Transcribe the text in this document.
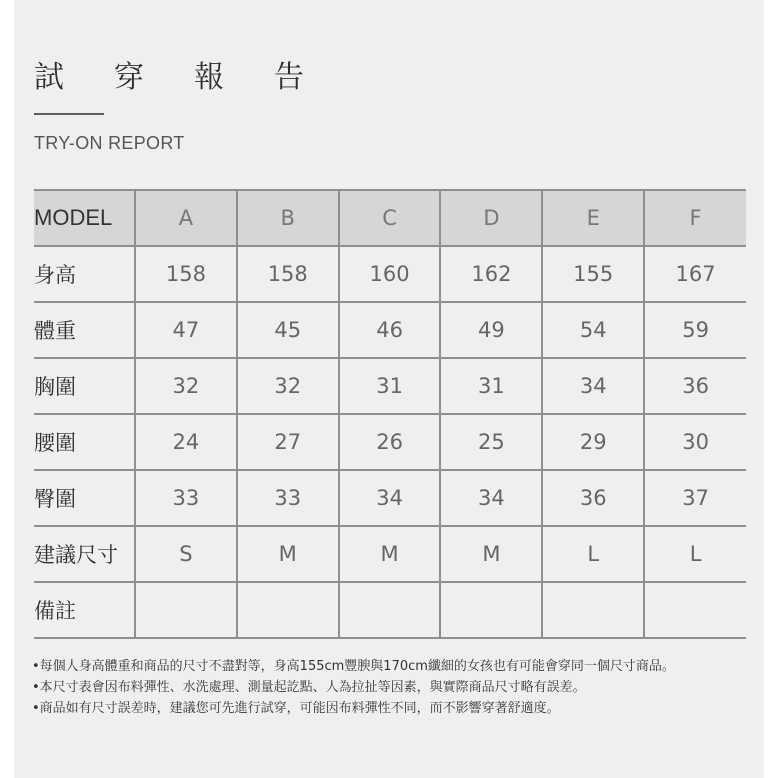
試 穿 報 告
TRY-ON REPORT
MODEL	A	B	C	D	E	F
身高	158	158	160	162	155	167
體重	47	45	46	49	54	59
胸圍	32	32	31	31	34	36
腰圍	24	27	26	25	29	30
臀圍	33	33	34	34	36	37
建議尺寸	S	M	M	M	L	L
備註						
•每個人身高體重和商品的尺寸不盡對等，身高155cm豐腴與170cm纖細的女孩也有可能會穿同一個尺寸商品。
•本尺寸表會因布料彈性、水洗處理、測量起訖點、人為拉扯等因素，與實際商品尺寸略有誤差。
•商品如有尺寸誤差時，建議您可先進行試穿，可能因布料彈性不同，而不影響穿著舒適度。
